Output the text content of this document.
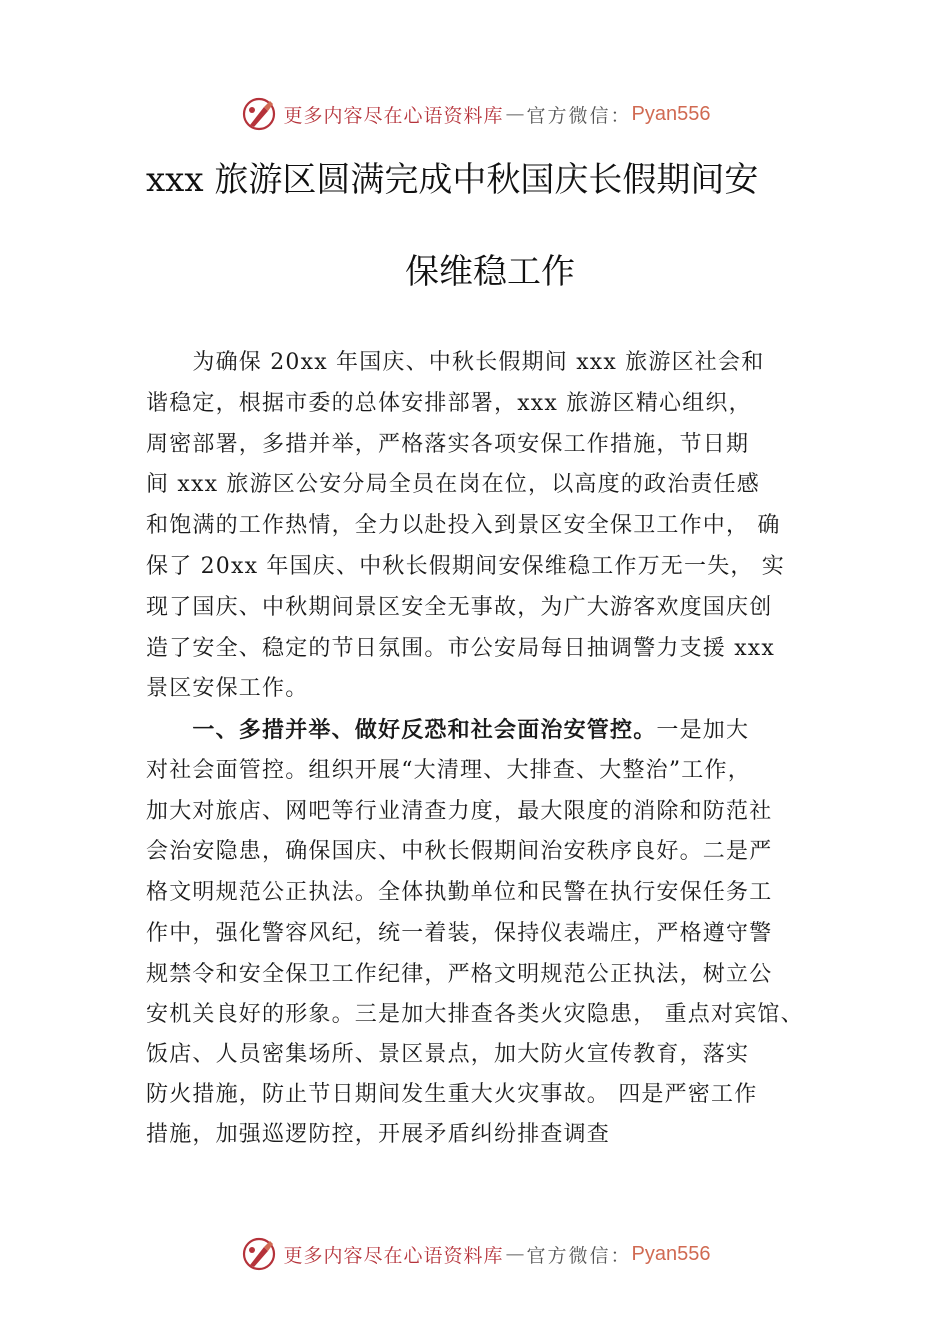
更多内容尽在心语资料库 — 官方微信： Pyan556
xxx 旅游区圆满完成中秋国庆长假期间安
保维稳工作
　　为确保 20xx 年国庆、中秋长假期间 xxx 旅游区社会和
谐稳定，根据市委的总体安排部署，xxx 旅游区精心组织，
周密部署，多措并举，严格落实各项安保工作措施，节日期
间 xxx 旅游区公安分局全员在岗在位，以高度的政治责任感
和饱满的工作热情，全力以赴投入到景区安全保卫工作中， 确
保了 20xx 年国庆、中秋长假期间安保维稳工作万无一失， 实
现了国庆、中秋期间景区安全无事故，为广大游客欢度国庆创
造了安全、稳定的节日氛围。市公安局每日抽调警力支援 xxx
景区安保工作。
　　一、多措并举、做好反恐和社会面治安管控。一是加大
对社会面管控。组织开展“大清理、大排查、大整治”工作，
加大对旅店、网吧等行业清查力度，最大限度的消除和防范社
会治安隐患，确保国庆、中秋长假期间治安秩序良好。二是严
格文明规范公正执法。全体执勤单位和民警在执行安保任务工
作中，强化警容风纪，统一着装，保持仪表端庄，严格遵守警
规禁令和安全保卫工作纪律，严格文明规范公正执法，树立公
安机关良好的形象。三是加大排查各类火灾隐患， 重点对宾馆、
饭店、人员密集场所、景区景点，加大防火宣传教育，落实
防火措施，防止节日期间发生重大火灾事故。 四是严密工作
措施，加强巡逻防控，开展矛盾纠纷排查调查
更多内容尽在心语资料库 — 官方微信： Pyan556
